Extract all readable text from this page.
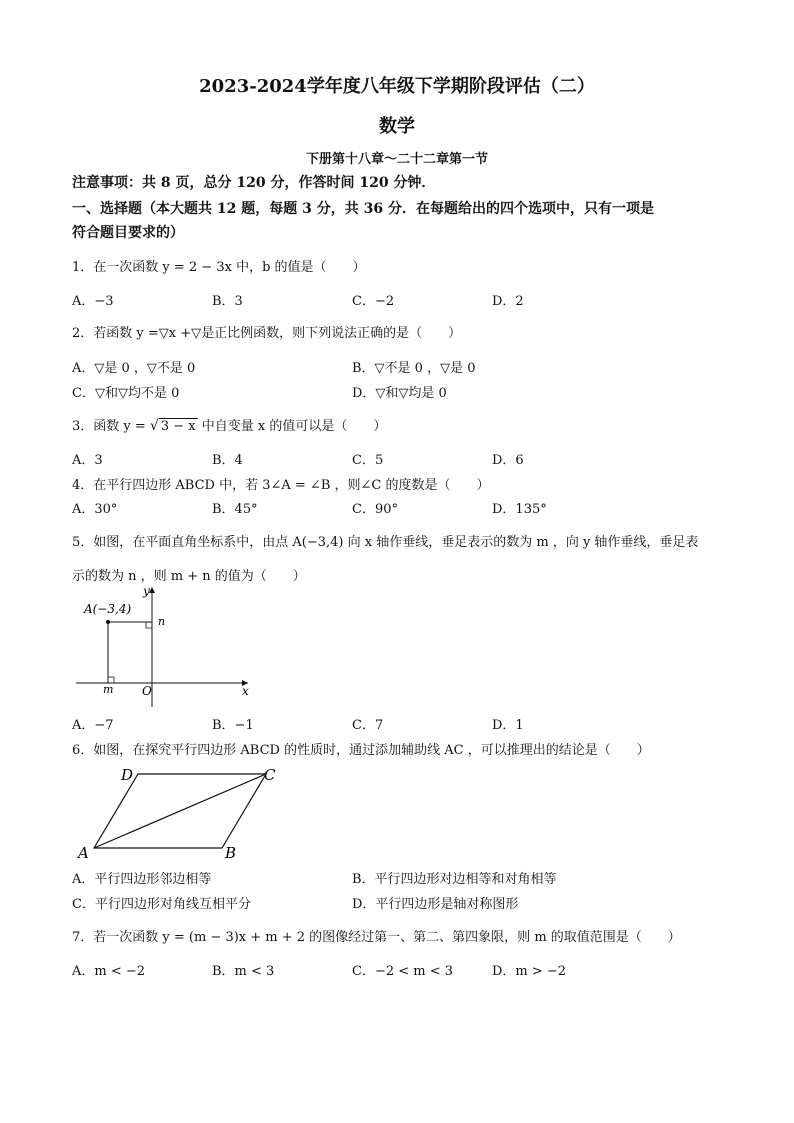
2023-2024学年度八年级下学期阶段评估（二）
数学
下册第十八章～二十二章第一节
注意事项：共 8 页，总分 120 分，作答时间 120 分钟．
一、选择题（本大题共 12 题，每题 3 分，共 36 分．在每题给出的四个选项中，只有一项是
符合题目要求的）
1．在一次函数 y = 2 − 3x 中，b 的值是（　　）
A．−3	B．3	C．−2	D．2
2．若函数 y =▽x +▽是正比例函数，则下列说法正确的是（　　）
A．▽是 0 ，▽不是 0	B．▽不是 0 ，▽是 0
C．▽和▽均不是 0	D．▽和▽均是 0
3．函数 y = √ 3 − x 中自变量 x 的值可以是（　　）
A．3	B．4	C．5	D．6
4．在平行四边形 ABCD 中，若 3∠A = ∠B ，则∠C 的度数是（　　）
A．30°	B．45°	C．90°	D．135°
5．如图，在平面直角坐标系中，由点 A(−3,4) 向 x 轴作垂线，垂足表示的数为 m ，向 y 轴作垂线，垂足表
示的数为 n ，则 m + n 的值为（　　）
A(−3,4)
y
x
O
m
n
A．−7	B．−1	C．7	D．1
6．如图，在探究平行四边形 ABCD 的性质时，通过添加辅助线 AC ，可以推理出的结论是（　　）
A	B
C
D
A．平行四边形邻边相等	B．平行四边形对边相等和对角相等
C．平行四边形对角线互相平分	D．平行四边形是轴对称图形
7．若一次函数 y = (m − 3)x + m + 2 的图像经过第一、第二、第四象限，则 m 的取值范围是（　　）
A．m < −2	B．m < 3	C．−2 < m < 3	D．m > −2
